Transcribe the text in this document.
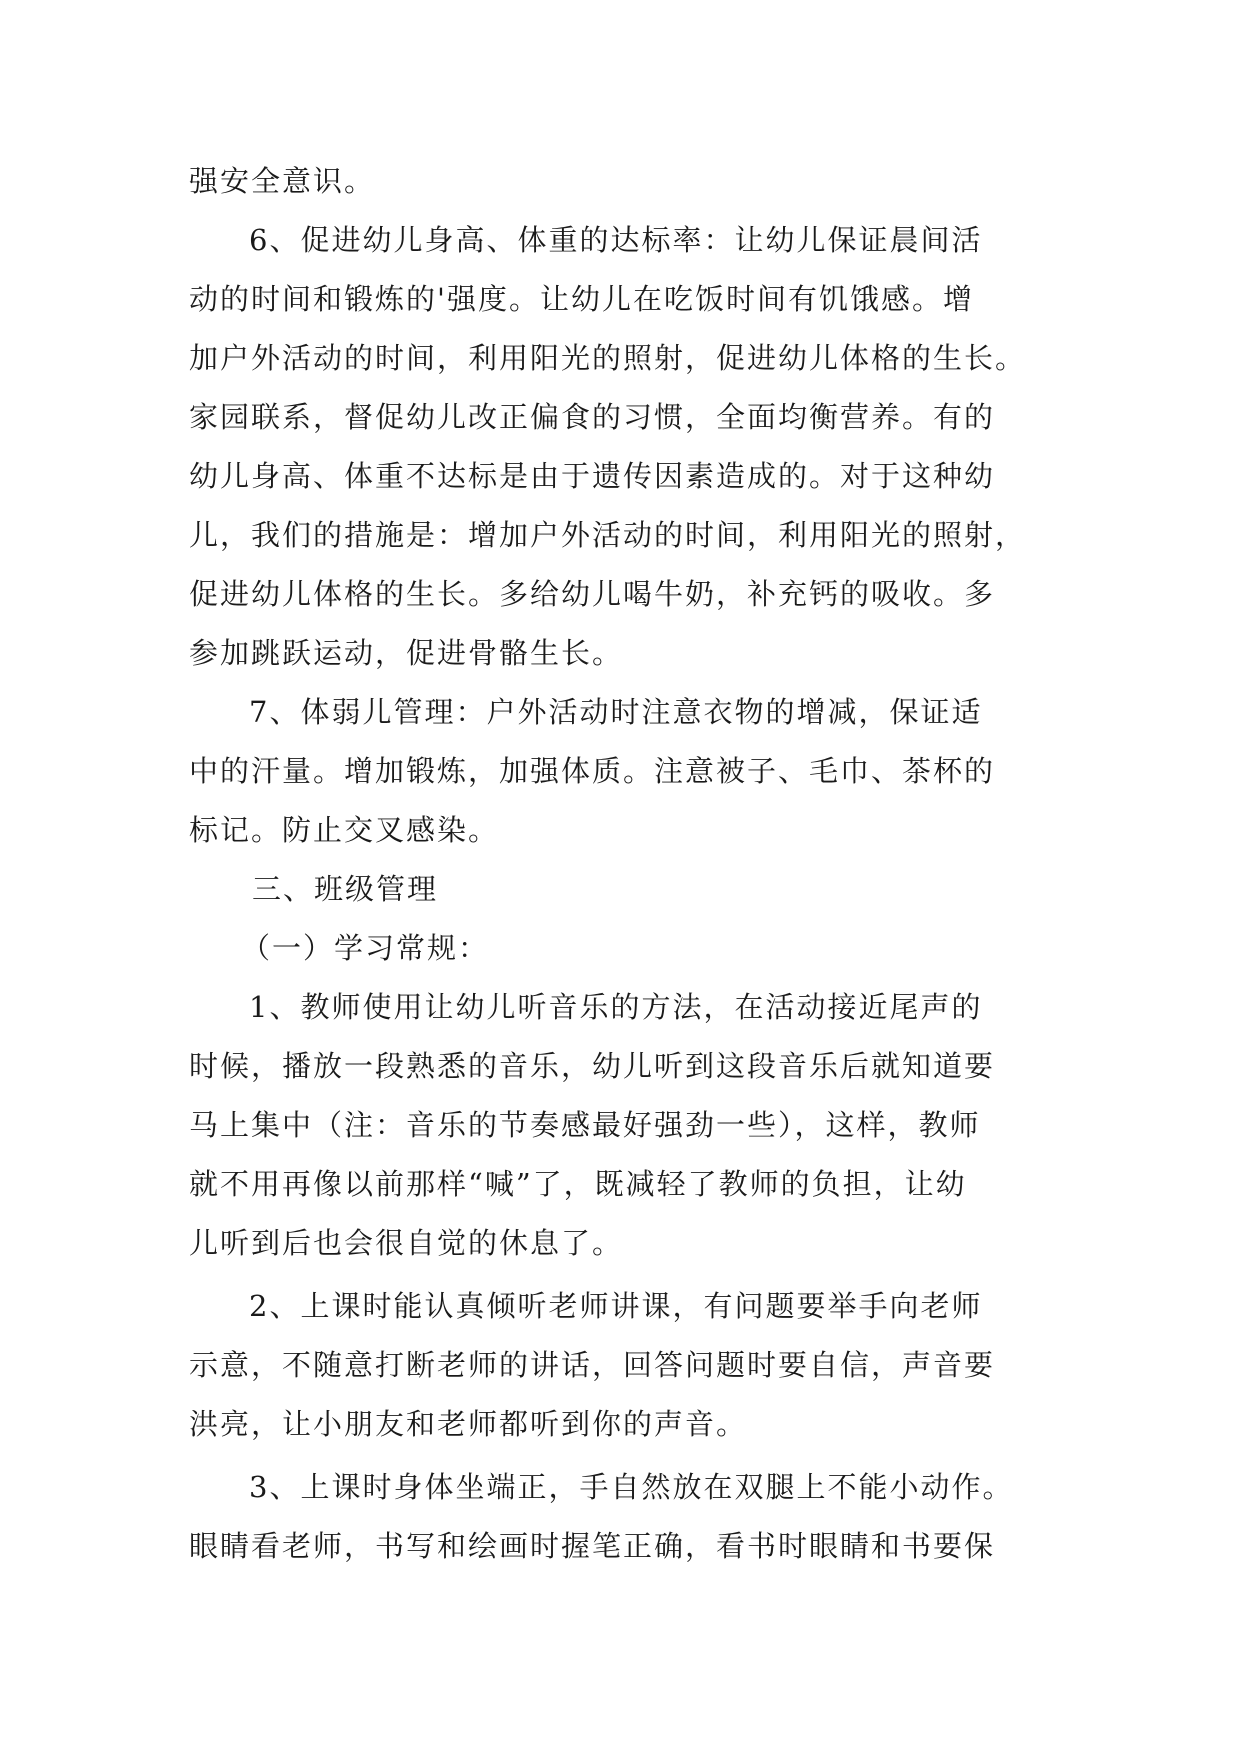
强安全意识。
6、促进幼儿身高、体重的达标率：让幼儿保证晨间活
动的时间和锻炼的'强度。让幼儿在吃饭时间有饥饿感。增
加户外活动的时间，利用阳光的照射，促进幼儿体格的生长。
家园联系，督促幼儿改正偏食的习惯，全面均衡营养。有的
幼儿身高、体重不达标是由于遗传因素造成的。对于这种幼
儿，我们的措施是：增加户外活动的时间，利用阳光的照射，
促进幼儿体格的生长。多给幼儿喝牛奶，补充钙的吸收。多
参加跳跃运动，促进骨骼生长。
7、体弱儿管理：户外活动时注意衣物的增减，保证适
中的汗量。增加锻炼，加强体质。注意被子、毛巾、茶杯的
标记。防止交叉感染。
三、班级管理
（一）学习常规：
1、教师使用让幼儿听音乐的方法，在活动接近尾声的
时候，播放一段熟悉的音乐，幼儿听到这段音乐后就知道要
马上集中（注：音乐的节奏感最好强劲一些），这样，教师
就不用再像以前那样“喊”了，既减轻了教师的负担，让幼
儿听到后也会很自觉的休息了。
2、上课时能认真倾听老师讲课，有问题要举手向老师
示意，不随意打断老师的讲话，回答问题时要自信，声音要
洪亮，让小朋友和老师都听到你的声音。
3、上课时身体坐端正，手自然放在双腿上不能小动作。
眼睛看老师，书写和绘画时握笔正确，看书时眼睛和书要保
